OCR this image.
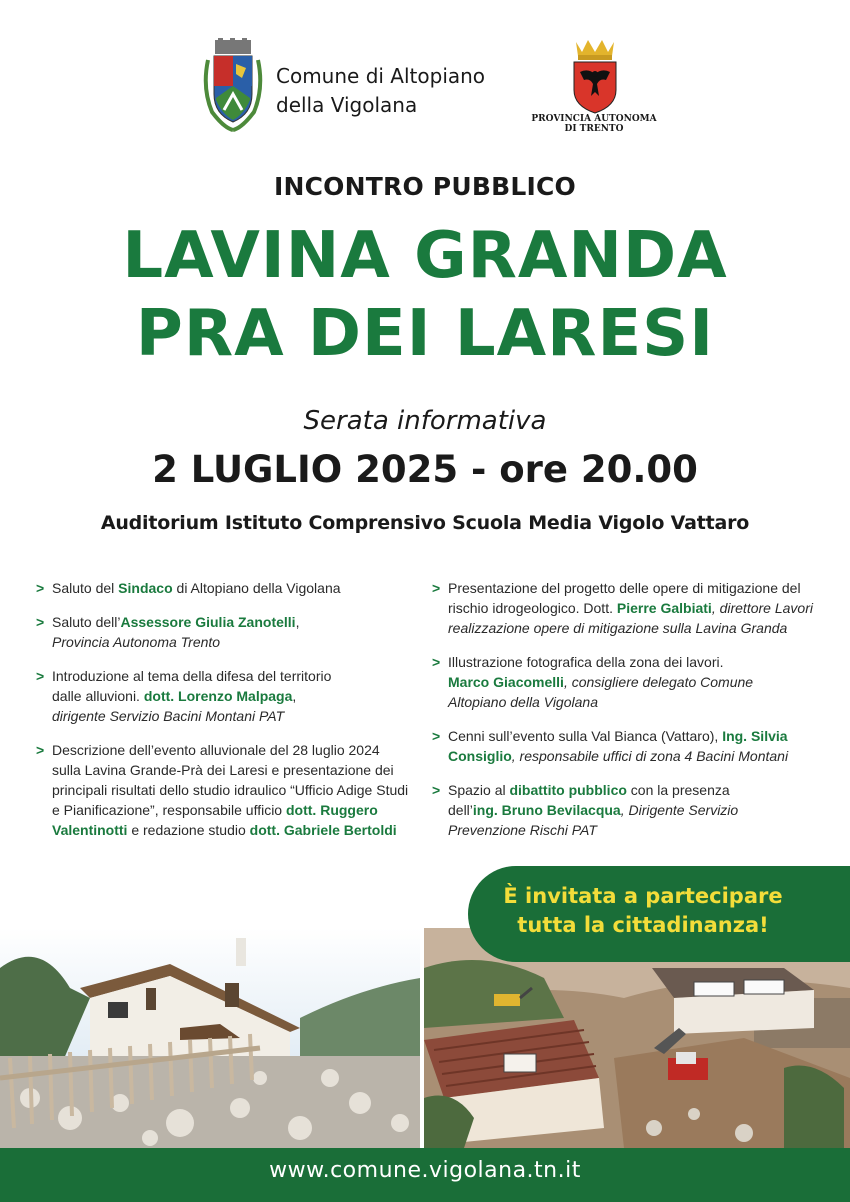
Comune di Altopiano
della Vigolana
PROVINCIA AUTONOMA
DI TRENTO
INCONTRO PUBBLICO
LAVINA GRANDA
PRA DEI LARESI
Serata informativa
2 LUGLIO 2025 - ore 20.00
Auditorium Istituto Comprensivo Scuola Media Vigolo Vattaro
> Saluto del Sindaco di Altopiano della Vigolana
> Saluto dell’Assessore Giulia Zanotelli,
Provincia Autonoma Trento
> Introduzione al tema della difesa del territorio
dalle alluvioni. dott. Lorenzo Malpaga,
dirigente Servizio Bacini Montani PAT
> Descrizione dell’evento alluvionale del 28 luglio 2024
sulla Lavina Grande-Prà dei Laresi e presentazione dei
principali risultati dello studio idraulico “Ufficio Adige Studi
e Pianificazione”, responsabile ufficio dott. Ruggero
Valentinotti e redazione studio dott. Gabriele Bertoldi
> Presentazione del progetto delle opere di mitigazione del
rischio idrogeologico. Dott. Pierre Galbiati, direttore Lavori
realizzazione opere di mitigazione sulla Lavina Granda
> Illustrazione fotografica della zona dei lavori.
Marco Giacomelli, consigliere delegato Comune
Altopiano della Vigolana
> Cenni sull’evento sulla Val Bianca (Vattaro), Ing. Silvia
Consiglio, responsabile uffici di zona 4 Bacini Montani
> Spazio al dibattito pubblico con la presenza
dell’ing. Bruno Bevilacqua, Dirigente Servizio
Prevenzione Rischi PAT
È invitata a partecipare
tutta la cittadinanza!
www.comune.vigolana.tn.it
